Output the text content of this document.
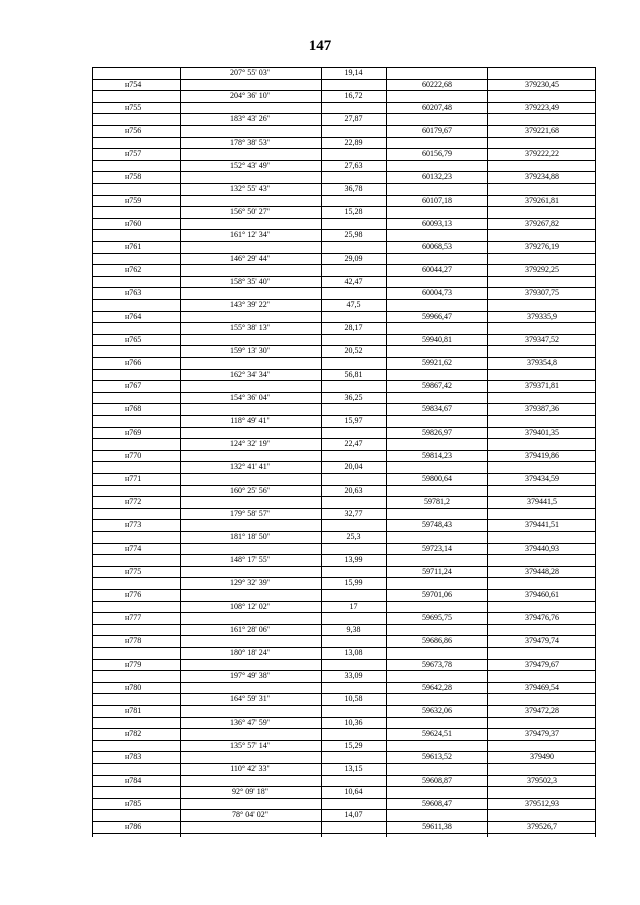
147
207° 55' 03"	19,14
н754	60222,68	379230,45
204° 36' 10"	16,72
н755	60207,48	379223,49
183° 43' 26"	27,87
н756	60179,67	379221,68
178° 38' 53"	22,89
н757	60156,79	379222,22
152° 43' 49"	27,63
н758	60132,23	379234,88
132° 55' 43"	36,78
н759	60107,18	379261,81
156° 50' 27"	15,28
н760	60093,13	379267,82
161° 12' 34"	25,98
н761	60068,53	379276,19
146° 29' 44"	29,09
н762	60044,27	379292,25
158° 35' 40"	42,47
н763	60004,73	379307,75
143° 39' 22"	47,5
н764	59966,47	379335,9
155° 38' 13"	28,17
н765	59940,81	379347,52
159° 13' 30"	20,52
н766	59921,62	379354,8
162° 34' 34"	56,81
н767	59867,42	379371,81
154° 36' 04"	36,25
н768	59834,67	379387,36
118° 49' 41"	15,97
н769	59826,97	379401,35
124° 32' 19"	22,47
н770	59814,23	379419,86
132° 41' 41"	20,04
н771	59800,64	379434,59
160° 25' 56"	20,63
н772	59781,2	379441,5
179° 58' 57"	32,77
н773	59748,43	379441,51
181° 18' 50"	25,3
н774	59723,14	379440,93
148° 17' 55"	13,99
н775	59711,24	379448,28
129° 32' 39"	15,99
н776	59701,06	379460,61
108° 12' 02"	17
н777	59695,75	379476,76
161° 28' 06"	9,38
н778	59686,86	379479,74
180° 18' 24"	13,08
н779	59673,78	379479,67
197° 49' 38"	33,09
н780	59642,28	379469,54
164° 59' 31"	10,58
н781	59632,06	379472,28
136° 47' 59"	10,36
н782	59624,51	379479,37
135° 57' 14"	15,29
н783	59613,52	379490
110° 42' 33"	13,15
н784	59608,87	379502,3
92° 09' 18"	10,64
н785	59608,47	379512,93
78° 04' 02"	14,07
н786	59611,38	379526,7
